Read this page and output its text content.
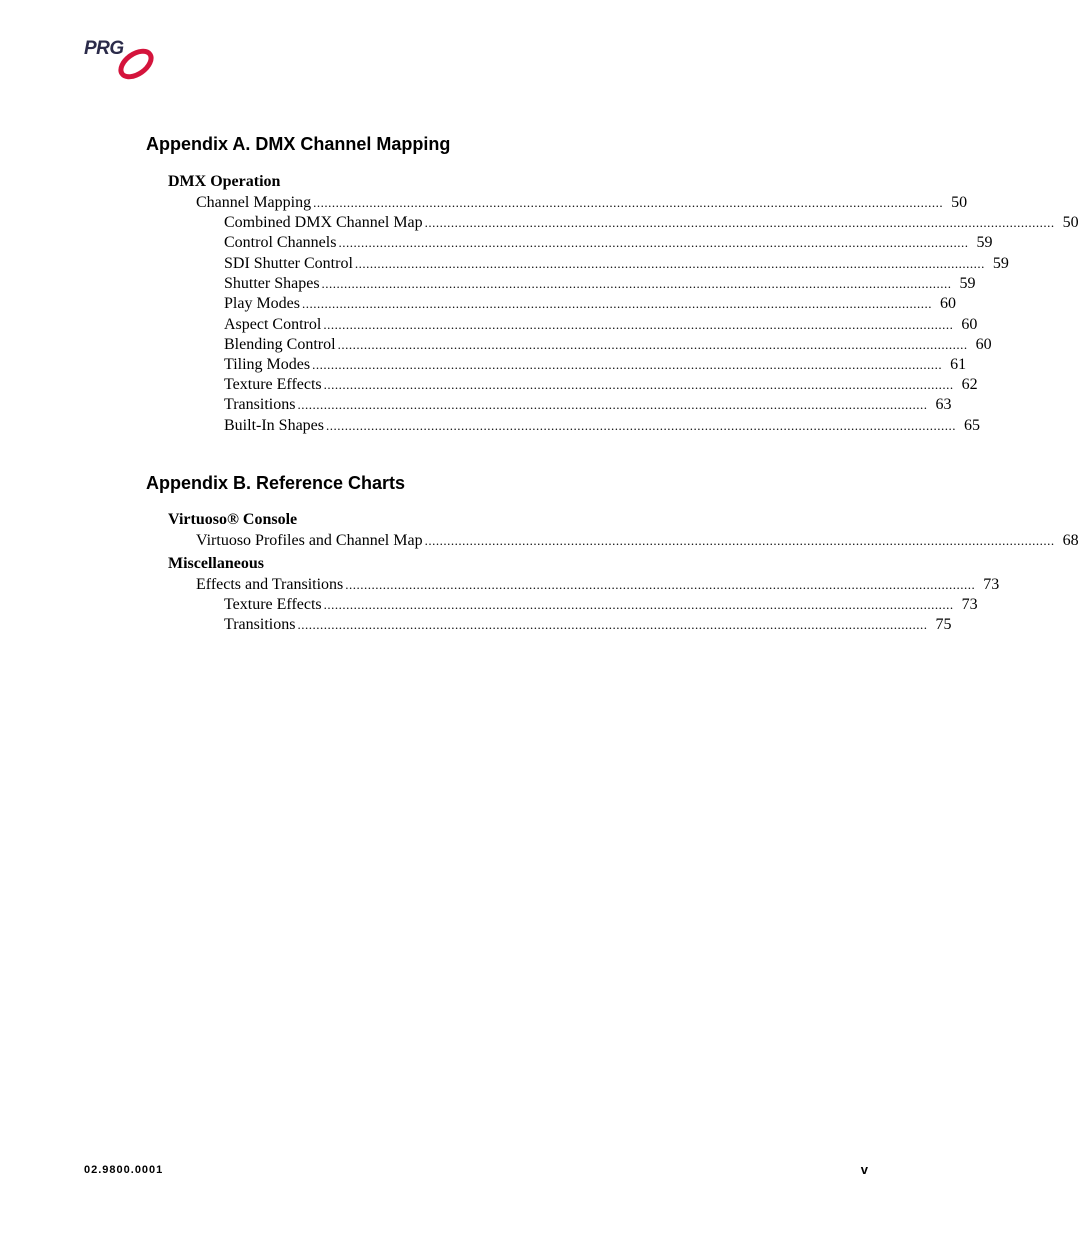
PRG
Appendix A. DMX Channel Mapping
DMX Operation
Channel Mapping ........................................................................................................................................................................ 50
Combined DMX Channel Map ........................................................................................................................................................................ 50
Control Channels ........................................................................................................................................................................ 59
SDI Shutter Control ........................................................................................................................................................................ 59
Shutter Shapes ........................................................................................................................................................................ 59
Play Modes ........................................................................................................................................................................ 60
Aspect Control ........................................................................................................................................................................ 60
Blending Control ........................................................................................................................................................................ 60
Tiling Modes ........................................................................................................................................................................ 61
Texture Effects ........................................................................................................................................................................ 62
Transitions ........................................................................................................................................................................ 63
Built-In Shapes ........................................................................................................................................................................ 65
Appendix B. Reference Charts
Virtuoso® Console
Virtuoso Profiles and Channel Map ........................................................................................................................................................................ 68
Miscellaneous
Effects and Transitions ........................................................................................................................................................................ 73
Texture Effects ........................................................................................................................................................................ 73
Transitions ........................................................................................................................................................................ 75
02.9800.0001	v
